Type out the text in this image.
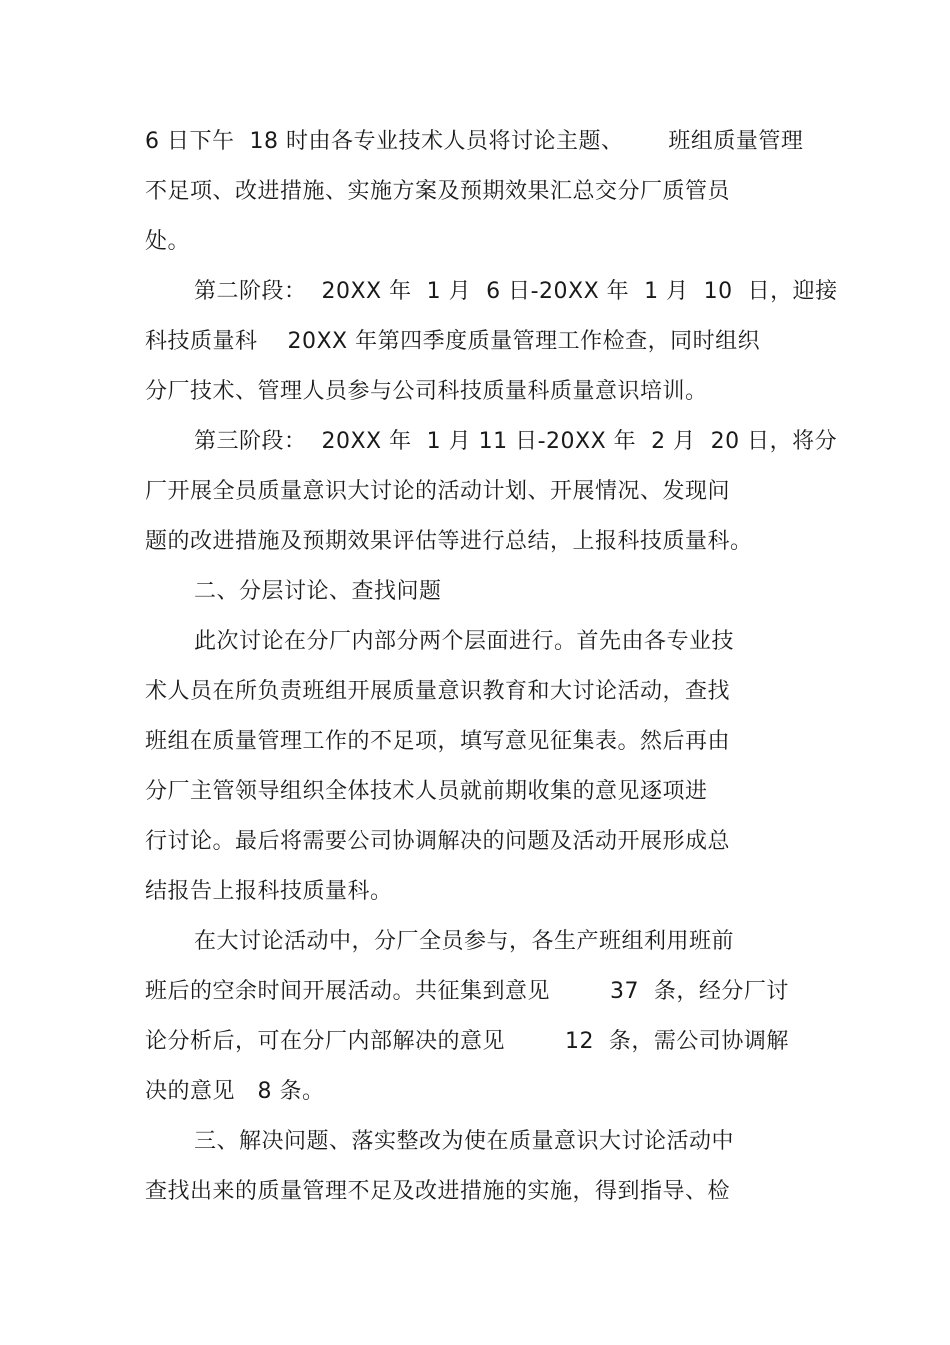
6 日下午  18 时由各专业技术人员将讨论主题、      班组质量管理
不足项、改进措施、实施方案及预期效果汇总交分厂质管员
处。
第二阶段：  20XX 年  1 月  6 日-20XX 年  1 月  10  日，迎接
科技质量科    20XX 年第四季度质量管理工作检查，同时组织
分厂技术、管理人员参与公司科技质量科质量意识培训。
第三阶段：  20XX 年  1 月 11 日-20XX 年  2 月  20 日，将分
厂开展全员质量意识大讨论的活动计划、开展情况、发现问
题的改进措施及预期效果评估等进行总结，上报科技质量科。
二、分层讨论、查找问题
此次讨论在分厂内部分两个层面进行。首先由各专业技
术人员在所负责班组开展质量意识教育和大讨论活动，查找
班组在质量管理工作的不足项，填写意见征集表。然后再由
分厂主管领导组织全体技术人员就前期收集的意见逐项进
行讨论。最后将需要公司协调解决的问题及活动开展形成总
结报告上报科技质量科。
在大讨论活动中，分厂全员参与，各生产班组利用班前
班后的空余时间开展活动。共征集到意见        37  条，经分厂讨
论分析后，可在分厂内部解决的意见        12  条，需公司协调解
决的意见   8 条。
三、解决问题、落实整改为使在质量意识大讨论活动中
查找出来的质量管理不足及改进措施的实施，得到指导、检
